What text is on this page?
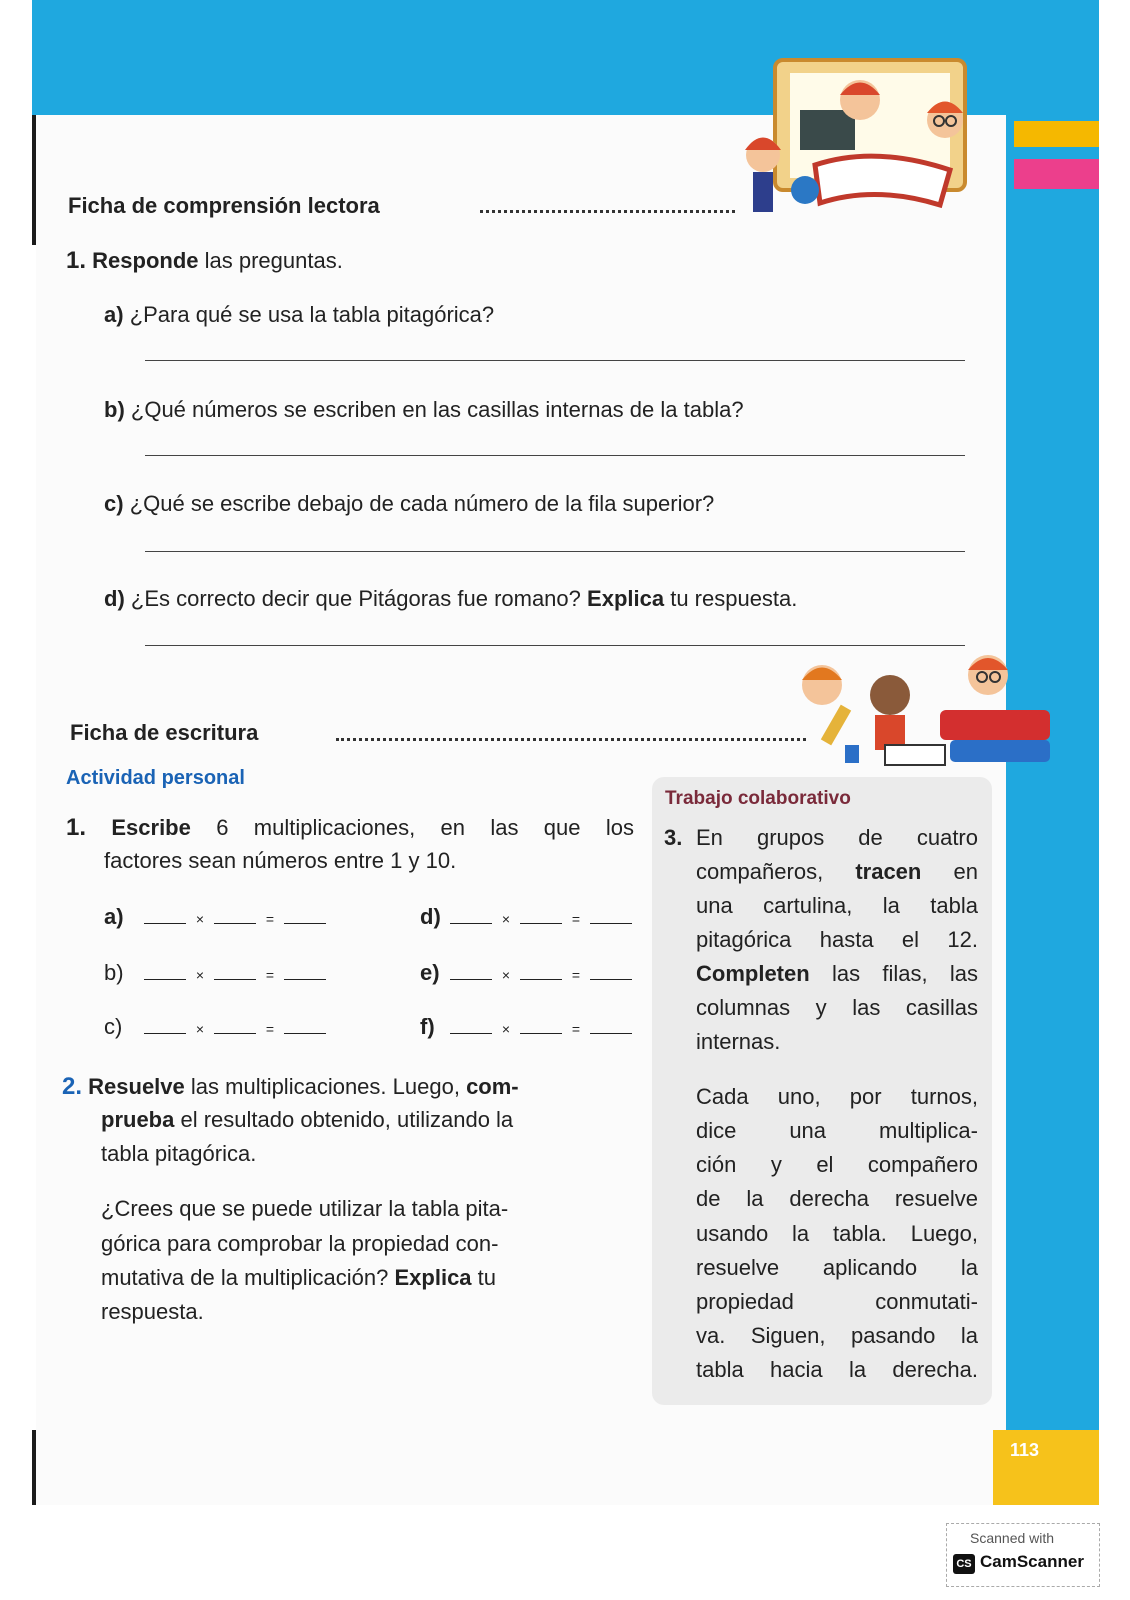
Ficha de comprensión lectora
1. Responde las preguntas.
a) ¿Para qué se usa la tabla pitagórica?
b) ¿Qué números se escriben en las casillas internas de la tabla?
c) ¿Qué se escribe debajo de cada número de la fila superior?
d) ¿Es correcto decir que Pitágoras fue romano? Explica tu respuesta.
Ficha de escritura
Actividad personal
1. Escribe 6 multiplicaciones, en las que los
factores sean números entre 1 y 10.
a)	×	=
b)	×	=
c)	×	=
d)	×	=
e)	×	=
f)	×	=
2. Resuelve las multiplicaciones. Luego, com-
prueba el resultado obtenido, utilizando la
tabla pitagórica.
¿Crees que se puede utilizar la tabla pita-
górica para comprobar la propiedad con-
mutativa de la multiplicación? Explica tu
respuesta.
Trabajo colaborativo
3. En grupos de cuatro
compañeros, tracen en
una cartulina, la tabla
pitagórica hasta el 12.
Completen las filas, las
columnas y las casillas
internas.
Cada uno, por turnos,
dice una multiplica-
ción y el compañero
de la derecha resuelve
usando la tabla. Luego,
resuelve aplicando la
propiedad conmutati-
va. Siguen, pasando la
tabla hacia la derecha.
113
Scanned with
CS CamScanner
